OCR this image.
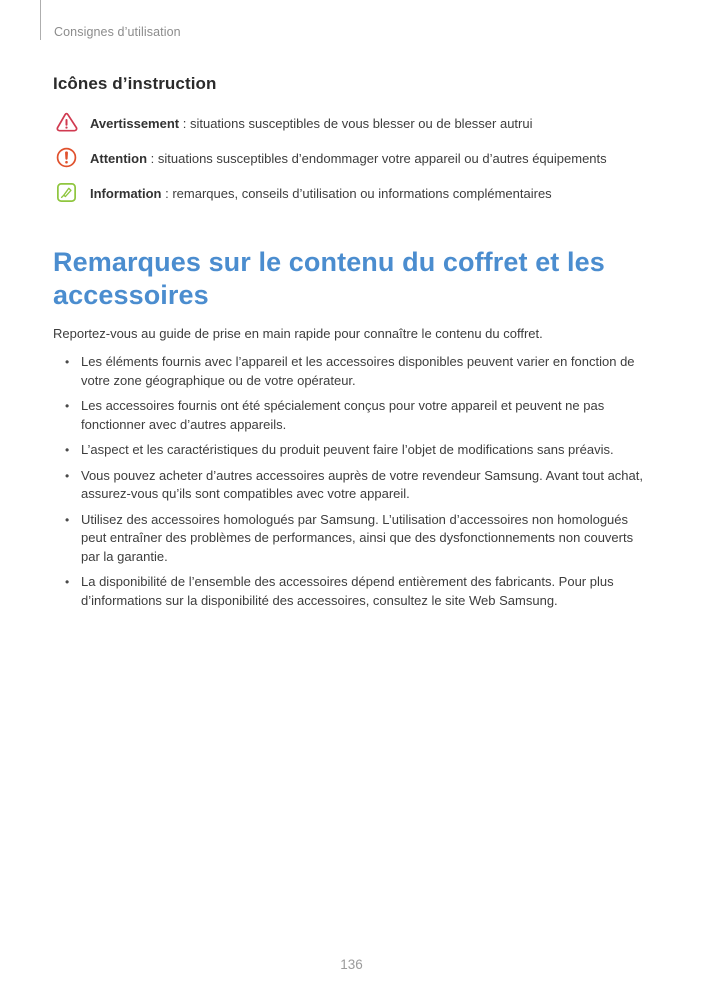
Consignes d’utilisation
Icônes d’instruction

Avertissement : situations susceptibles de vous blesser ou de blesser autrui

Attention : situations susceptibles d’endommager votre appareil ou d’autres équipements

Information : remarques, conseils d’utilisation ou informations complémentaires

Remarques sur le contenu du coffret et les accessoires

Reportez-vous au guide de prise en main rapide pour connaître le contenu du coffret.

• Les éléments fournis avec l’appareil et les accessoires disponibles peuvent varier en fonction de votre zone géographique ou de votre opérateur.
• Les accessoires fournis ont été spécialement conçus pour votre appareil et peuvent ne pas fonctionner avec d’autres appareils.
• L’aspect et les caractéristiques du produit peuvent faire l’objet de modifications sans préavis.
• Vous pouvez acheter d’autres accessoires auprès de votre revendeur Samsung. Avant tout achat, assurez-vous qu’ils sont compatibles avec votre appareil.
• Utilisez des accessoires homologués par Samsung. L’utilisation d’accessoires non homologués peut entraîner des problèmes de performances, ainsi que des dysfonctionnements non couverts par la garantie.
• La disponibilité de l’ensemble des accessoires dépend entièrement des fabricants. Pour plus d’informations sur la disponibilité des accessoires, consultez le site Web Samsung.
136
